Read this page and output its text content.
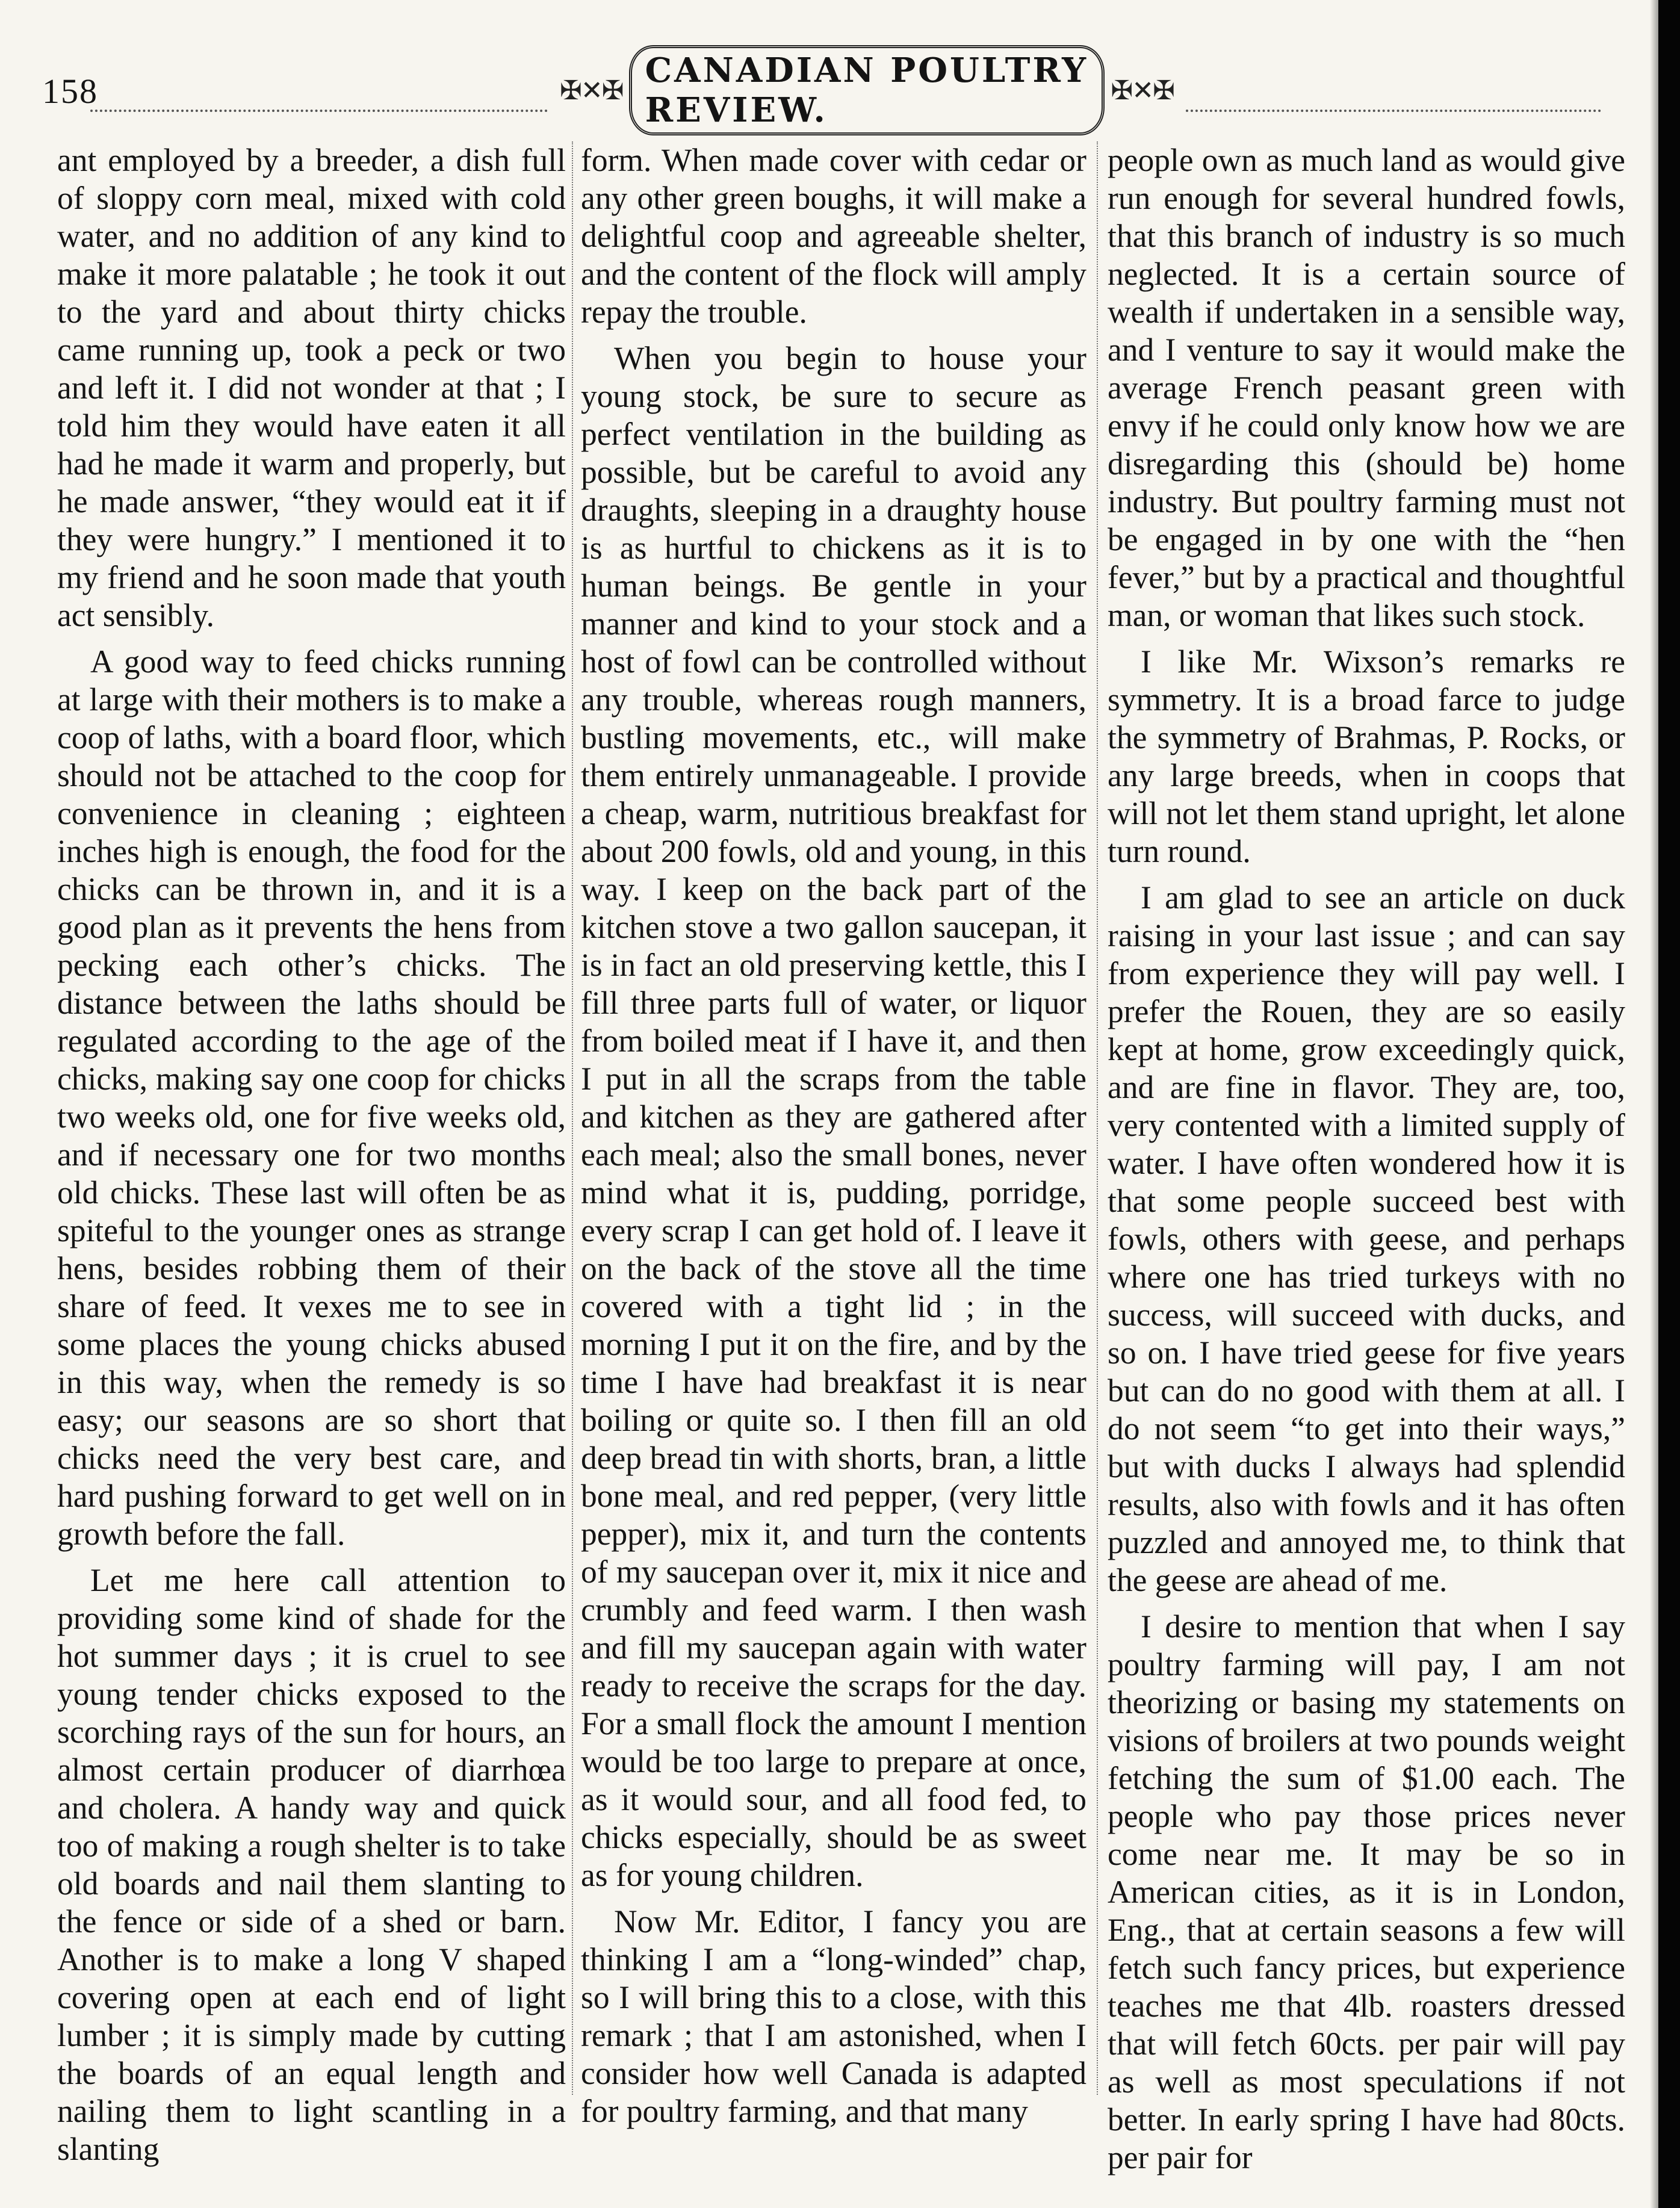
158	✠✕✠ CANADIAN POULTRY REVIEW.	✠✕✠

ant employed by a breeder, a dish full of sloppy corn meal, mixed with cold water, and no addition of any kind to make it more palatable ; he took it out to the yard and about thirty chicks came running up, took a peck or two and left it. I did not wonder at that ; I told him they would have eaten it all had he made it warm and properly, but he made answer, “they would eat it if they were hungry.” I mentioned it to my friend and he soon made that youth act sensibly.

A good way to feed chicks running at large with their mothers is to make a coop of laths, with a board floor, which should not be attached to the coop for convenience in cleaning ; eighteen inches high is enough, the food for the chicks can be thrown in, and it is a good plan as it prevents the hens from pecking each other’s chicks. The distance between the laths should be regulated according to the age of the chicks, making say one coop for chicks two weeks old, one for five weeks old, and if necessary one for two months old chicks. These last will often be as spiteful to the younger ones as strange hens, besides robbing them of their share of feed. It vexes me to see in some places the young chicks abused in this way, when the remedy is so easy; our seasons are so short that chicks need the very best care, and hard pushing forward to get well on in growth before the fall.

Let me here call attention to providing some kind of shade for the hot summer days ; it is cruel to see young tender chicks exposed to the scorching rays of the sun for hours, an almost certain producer of diarrhœa and cholera. A handy way and quick too of making a rough shelter is to take old boards and nail them slanting to the fence or side of a shed or barn. Another is to make a long V shaped covering open at each end of light lumber ; it is simply made by cutting the boards of an equal length and nailing them to light scantling in a slanting

form. When made cover with cedar or any other green boughs, it will make a delightful coop and agreeable shelter, and the content of the flock will amply repay the trouble.

When you begin to house your young stock, be sure to secure as perfect ventilation in the building as possible, but be careful to avoid any draughts, sleeping in a draughty house is as hurtful to chickens as it is to human beings. Be gentle in your manner and kind to your stock and a host of fowl can be controlled without any trouble, whereas rough manners, bustling movements, etc., will make them entirely unmanageable. I provide a cheap, warm, nutritious breakfast for about 200 fowls, old and young, in this way. I keep on the back part of the kitchen stove a two gallon saucepan, it is in fact an old preserving kettle, this I fill three parts full of water, or liquor from boiled meat if I have it, and then I put in all the scraps from the table and kitchen as they are gathered after each meal; also the small bones, never mind what it is, pudding, porridge, every scrap I can get hold of. I leave it on the back of the stove all the time covered with a tight lid ; in the morning I put it on the fire, and by the time I have had breakfast it is near boiling or quite so. I then fill an old deep bread tin with shorts, bran, a little bone meal, and red pepper, (very little pepper), mix it, and turn the contents of my saucepan over it, mix it nice and crumbly and feed warm. I then wash and fill my saucepan again with water ready to receive the scraps for the day. For a small flock the amount I mention would be too large to prepare at once, as it would sour, and all food fed, to chicks especially, should be as sweet as for young children.

Now Mr. Editor, I fancy you are thinking I am a “long-winded” chap, so I will bring this to a close, with this remark ; that I am astonished, when I consider how well Canada is adapted for poultry farming, and that many

people own as much land as would give run enough for several hundred fowls, that this branch of industry is so much neglected. It is a certain source of wealth if undertaken in a sensible way, and I venture to say it would make the average French peasant green with envy if he could only know how we are disregarding this (should be) home industry. But poultry farming must not be engaged in by one with the “hen fever,” but by a practical and thoughtful man, or woman that likes such stock.

I like Mr. Wixson’s remarks re symmetry. It is a broad farce to judge the symmetry of Brahmas, P. Rocks, or any large breeds, when in coops that will not let them stand upright, let alone turn round.

I am glad to see an article on duck raising in your last issue ; and can say from experience they will pay well. I prefer the Rouen, they are so easily kept at home, grow exceedingly quick, and are fine in flavor. They are, too, very contented with a limited supply of water. I have often wondered how it is that some people succeed best with fowls, others with geese, and perhaps where one has tried turkeys with no success, will succeed with ducks, and so on. I have tried geese for five years but can do no good with them at all. I do not seem “to get into their ways,” but with ducks I always had splendid results, also with fowls and it has often puzzled and annoyed me, to think that the geese are ahead of me.

I desire to mention that when I say poultry farming will pay, I am not theorizing or basing my statements on visions of broilers at two pounds weight fetching the sum of $1.00 each. The people who pay those prices never come near me. It may be so in American cities, as it is in London, Eng., that at certain seasons a few will fetch such fancy prices, but experience teaches me that 4lb. roasters dressed that will fetch 60cts. per pair will pay as well as most speculations if not better. In early spring I have had 80cts. per pair for
